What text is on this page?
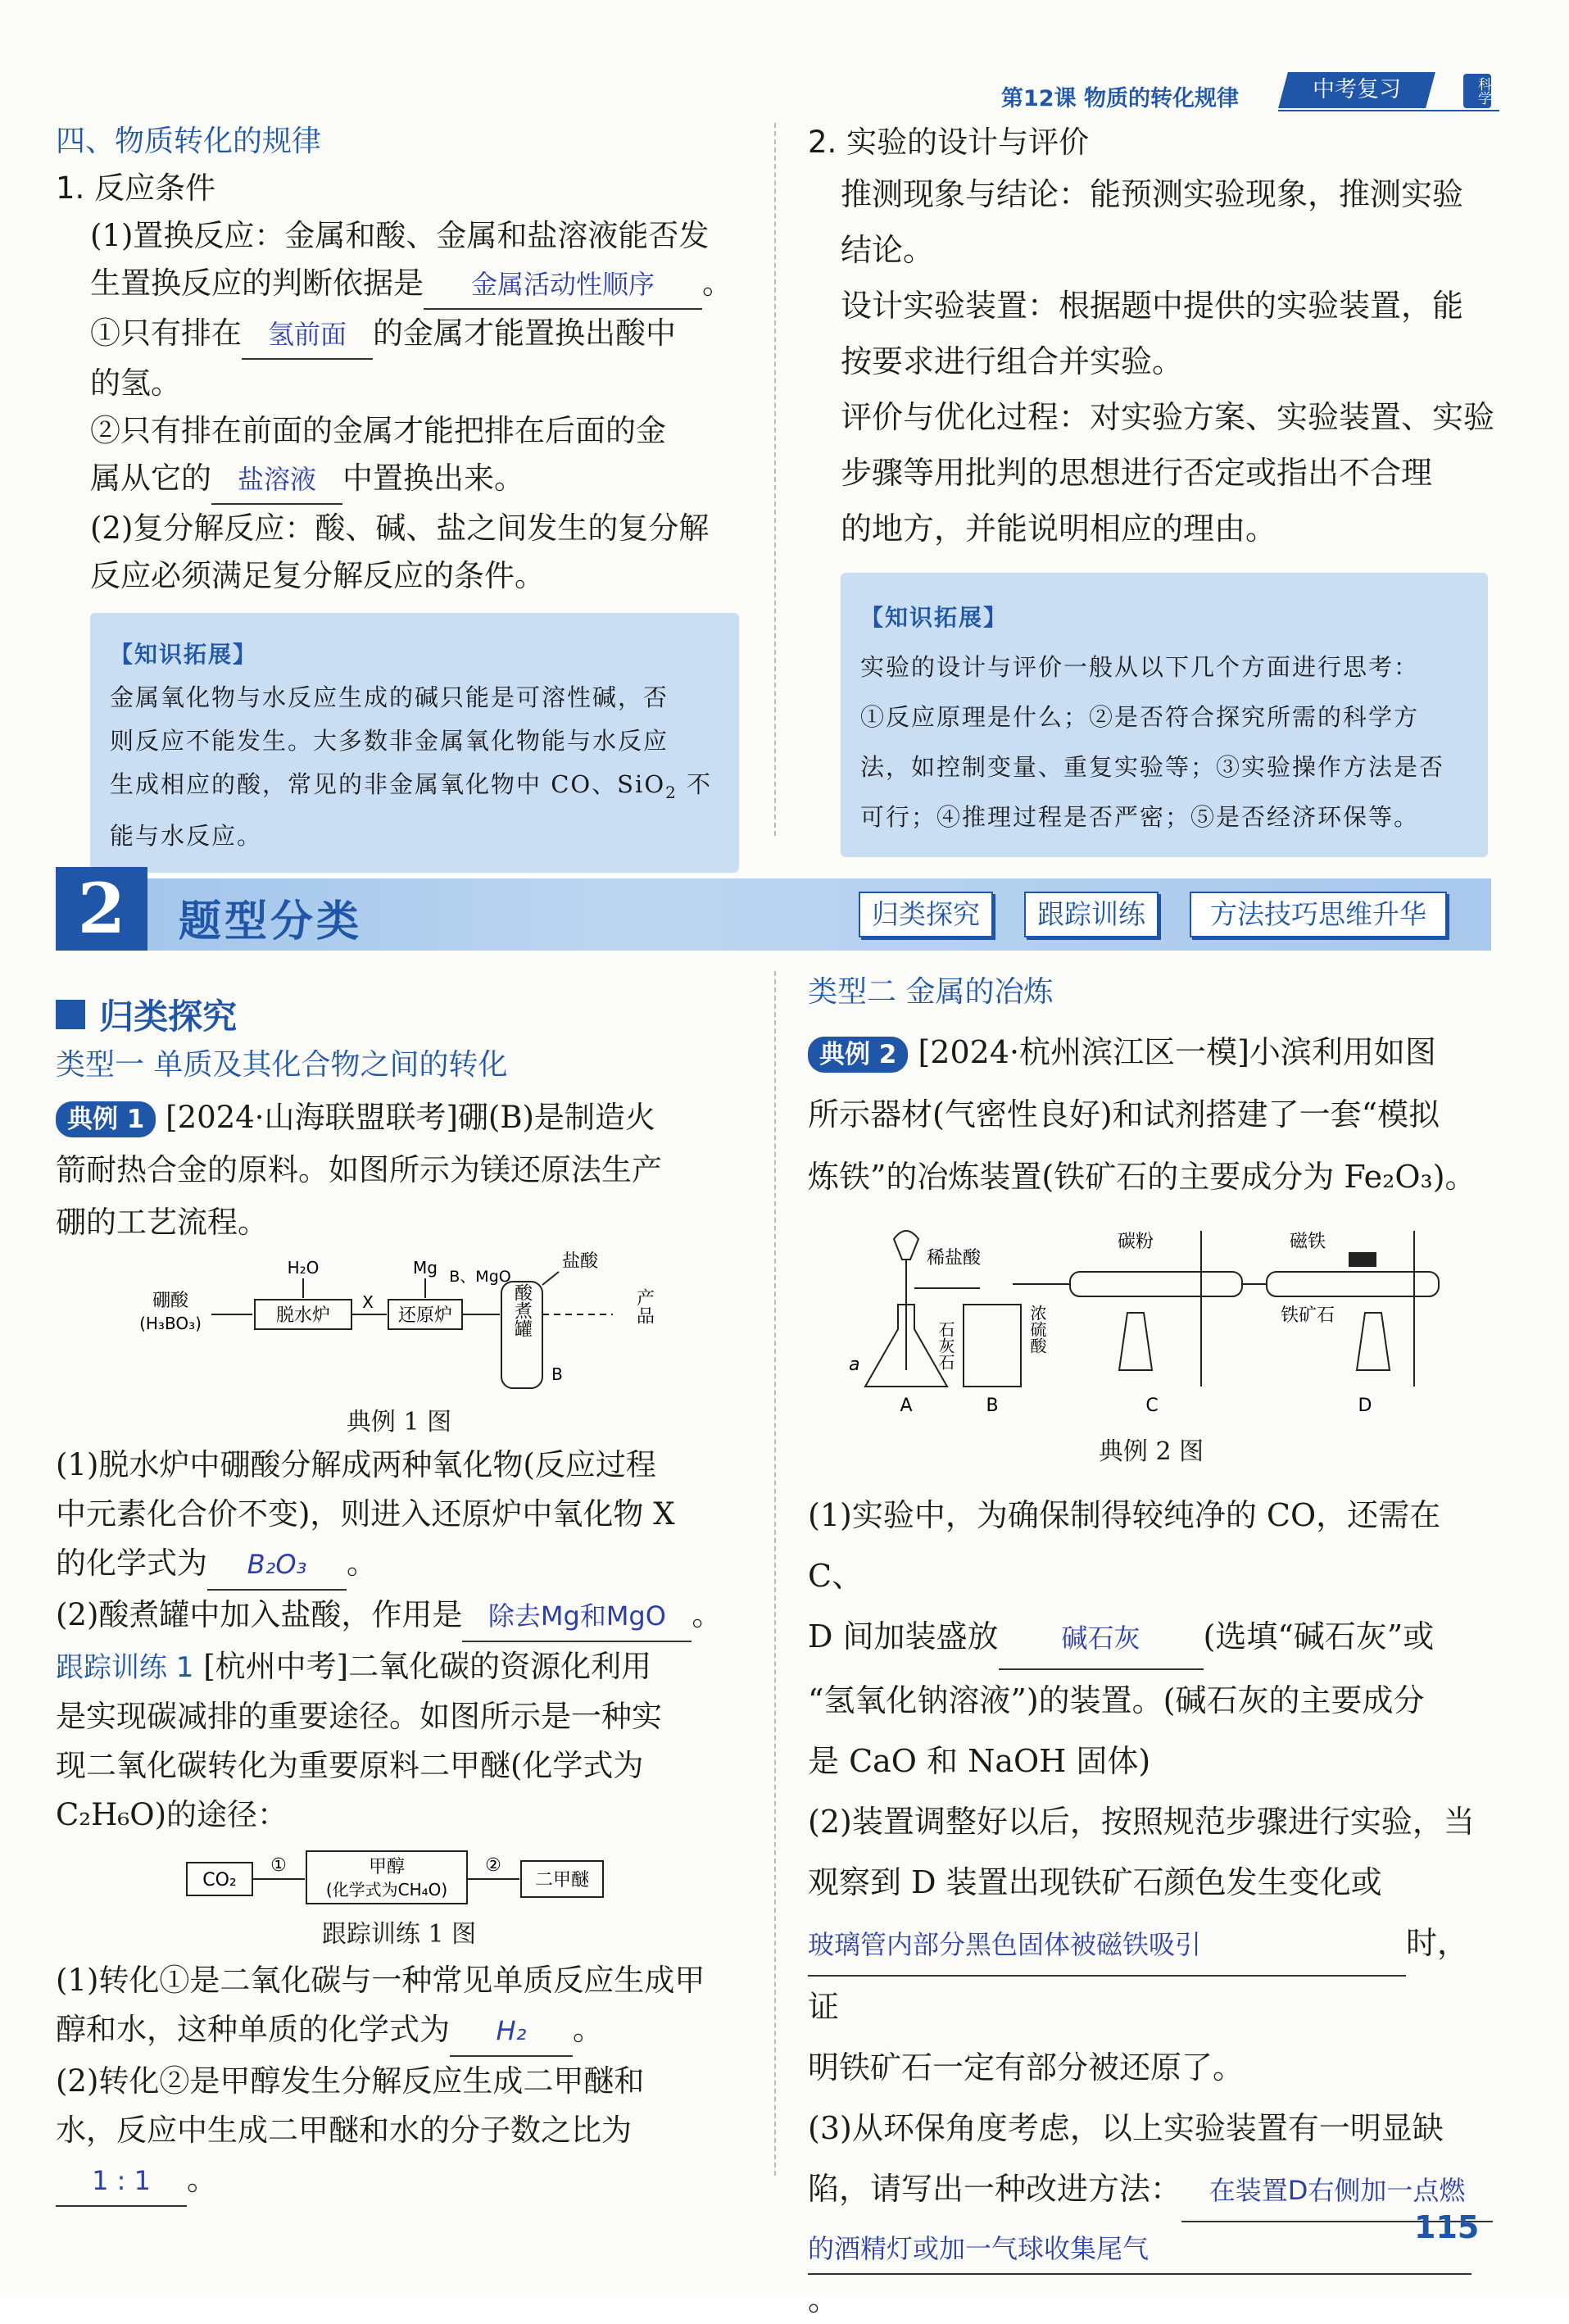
第12课 物质的转化规律	中考复习	科学
四、物质转化的规律
1. 反应条件
(1)置换反应：金属和酸、金属和盐溶液能否发
生置换反应的判断依据是 金属活动性顺序 。
①只有排在 氢前面 的金属才能置换出酸中
的氢。
②只有排在前面的金属才能把排在后面的金
属从它的 盐溶液 中置换出来。
(2)复分解反应：酸、碱、盐之间发生的复分解
反应必须满足复分解反应的条件。
【知识拓展】
金属氧化物与水反应生成的碱只能是可溶性碱，否
则反应不能发生。大多数非金属氧化物能与水反应
生成相应的酸，常见的非金属氧化物中 CO、SiO$_2$ 不
能与水反应。
2. 实验的设计与评价
推测现象与结论：能预测实验现象，推测实验
结论。
设计实验装置：根据题中提供的实验装置，能
按要求进行组合并实验。
评价与优化过程：对实验方案、实验装置、实验
步骤等用批判的思想进行否定或指出不合理
的地方，并能说明相应的理由。
【知识拓展】
实验的设计与评价一般从以下几个方面进行思考：
①反应原理是什么；②是否符合探究所需的科学方
法，如控制变量、重复实验等；③实验操作方法是否
可行；④推理过程是否严密；⑤是否经济环保等。
2	题型分类	归类探究	跟踪训练	方法技巧思维升华
归类探究
类型一 单质及其化合物之间的转化
典例 1 [2024·山海联盟联考]硼(B)是制造火
箭耐热合金的原料。如图所示为镁还原法生产
硼的工艺流程。
硼酸
(H₃BO₃)	脱水炉
H₂O
X
还原炉
Mg B、MgO
酸煮罐
盐酸
B
产品
典例 1 图
(1)脱水炉中硼酸分解成两种氧化物(反应过程
中元素化合价不变)，则进入还原炉中氧化物 X
的化学式为 B₂O₃ 。
(2)酸煮罐中加入盐酸，作用是 除去Mg和MgO 。
跟踪训练 1 [杭州中考]二氧化碳的资源化利用
是实现碳减排的重要途径。如图所示是一种实
现二氧化碳转化为重要原料二甲醚(化学式为
C₂H₆O)的途径：
CO₂
①	甲醇
(化学式为CH₄O)
②
二甲醚
跟踪训练 1 图
(1)转化①是二氧化碳与一种常见单质反应生成甲
醇和水，这种单质的化学式为 H₂ 。
(2)转化②是甲醇发生分解反应生成二甲醚和
水，反应中生成二甲醚和水的分子数之比为
1 : 1 。
类型二 金属的冶炼
典例 2 [2024·杭州滨江区一模]小滨利用如图
所示器材(气密性良好)和试剂搭建了一套“模拟
炼铁”的冶炼装置(铁矿石的主要成分为 Fe₂O₃)。
稀盐酸
a
A
石灰石	浓硫酸
B
碳粉
C
磁铁
铁矿石
D
典例 2 图
(1)实验中，为确保制得较纯净的 CO，还需在 C、
D 间加装盛放 碱石灰 (选填“碱石灰”或
“氢氧化钠溶液”)的装置。(碱石灰的主要成分
是 CaO 和 NaOH 固体)
(2)装置调整好以后，按照规范步骤进行实验，当
观察到 D 装置出现铁矿石颜色发生变化或
玻璃管内部分黑色固体被磁铁吸引	时，证
明铁矿石一定有部分被还原了。
(3)从环保角度考虑，以上实验装置有一明显缺
陷，请写出一种改进方法： 在装置D右侧加一点燃
的酒精灯或加一气球收集尾气。
115
